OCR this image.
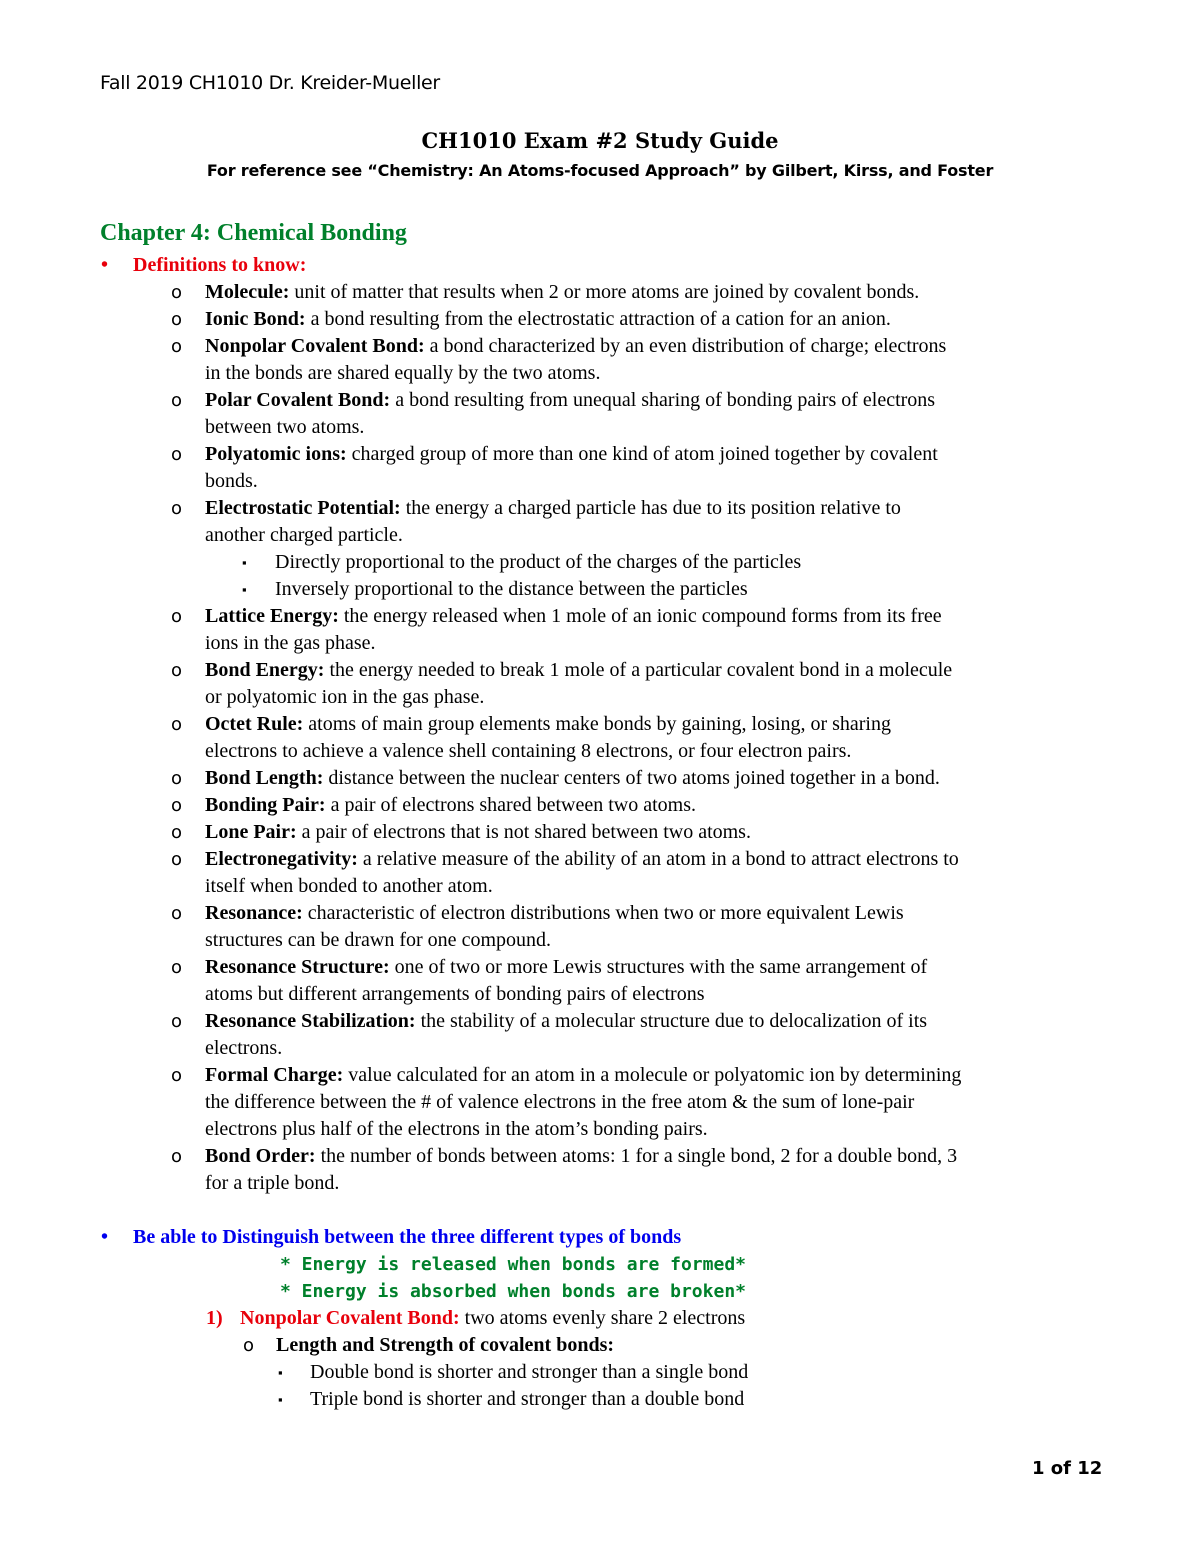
Fall 2019 CH1010 Dr. Kreider-Mueller
CH1010 Exam #2 Study Guide
For reference see “Chemistry: An Atoms-focused Approach” by Gilbert, Kirss, and Foster
Chapter 4: Chemical Bonding
• Definitions to know:
o Molecule: unit of matter that results when 2 or more atoms are joined by covalent bonds.
o Ionic Bond: a bond resulting from the electrostatic attraction of a cation for an anion.
o Nonpolar Covalent Bond: a bond characterized by an even distribution of charge; electrons
in the bonds are shared equally by the two atoms.
o Polar Covalent Bond: a bond resulting from unequal sharing of bonding pairs of electrons
between two atoms.
o Polyatomic ions: charged group of more than one kind of atom joined together by covalent
bonds.
o Electrostatic Potential: the energy a charged particle has due to its position relative to
another charged particle.
▪ Directly proportional to the product of the charges of the particles
▪ Inversely proportional to the distance between the particles
o Lattice Energy: the energy released when 1 mole of an ionic compound forms from its free
ions in the gas phase.
o Bond Energy: the energy needed to break 1 mole of a particular covalent bond in a molecule
or polyatomic ion in the gas phase.
o Octet Rule: atoms of main group elements make bonds by gaining, losing, or sharing
electrons to achieve a valence shell containing 8 electrons, or four electron pairs.
o Bond Length: distance between the nuclear centers of two atoms joined together in a bond.
o Bonding Pair: a pair of electrons shared between two atoms.
o Lone Pair: a pair of electrons that is not shared between two atoms.
o Electronegativity: a relative measure of the ability of an atom in a bond to attract electrons to
itself when bonded to another atom.
o Resonance: characteristic of electron distributions when two or more equivalent Lewis
structures can be drawn for one compound.
o Resonance Structure: one of two or more Lewis structures with the same arrangement of
atoms but different arrangements of bonding pairs of electrons
o Resonance Stabilization: the stability of a molecular structure due to delocalization of its
electrons.
o Formal Charge: value calculated for an atom in a molecule or polyatomic ion by determining
the difference between the # of valence electrons in the free atom & the sum of lone-pair
electrons plus half of the electrons in the atom’s bonding pairs.
o Bond Order: the number of bonds between atoms: 1 for a single bond, 2 for a double bond, 3
for a triple bond.
• Be able to Distinguish between the three different types of bonds
* Energy is released when bonds are formed*
* Energy is absorbed when bonds are broken*
1) Nonpolar Covalent Bond: two atoms evenly share 2 electrons
o Length and Strength of covalent bonds:
▪ Double bond is shorter and stronger than a single bond
▪ Triple bond is shorter and stronger than a double bond
1 of 12
